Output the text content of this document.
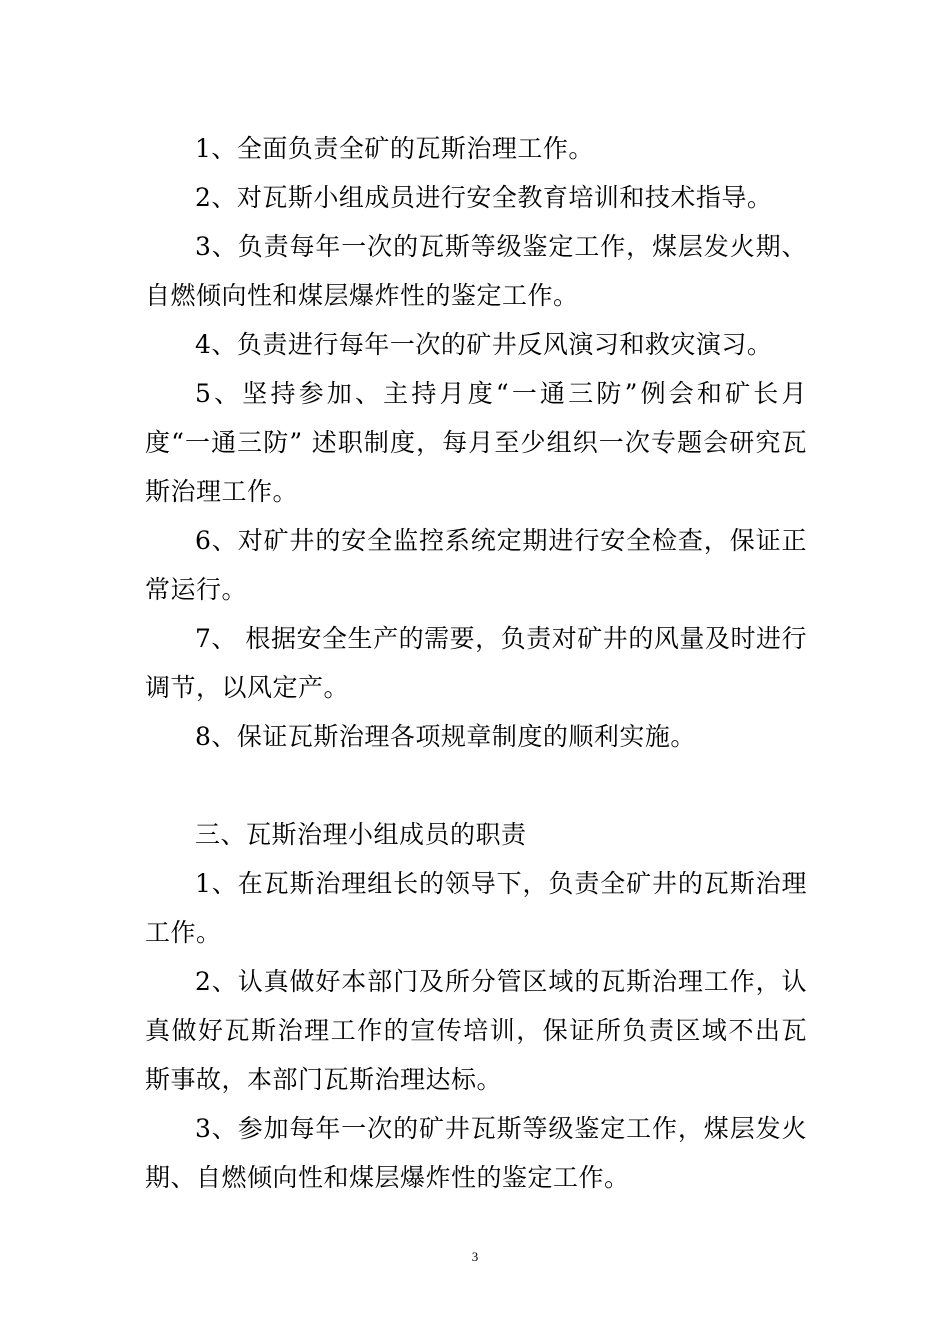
1、全面负责全矿的瓦斯治理工作。

2、对瓦斯小组成员进行安全教育培训和技术指导。

3、负责每年一次的瓦斯等级鉴定工作，煤层发火期、自燃倾向性和煤层爆炸性的鉴定工作。

4、负责进行每年一次的矿井反风演习和救灾演习。

5、坚持参加、主持月度“一通三防”例会和矿长月度“一通三防” 述职制度，每月至少组织一次专题会研究瓦斯治理工作。

6、对矿井的安全监控系统定期进行安全检查，保证正常运行。

7、 根据安全生产的需要，负责对矿井的风量及时进行调节，以风定产。

8、保证瓦斯治理各项规章制度的顺利实施。

三、瓦斯治理小组成员的职责

1、在瓦斯治理组长的领导下，负责全矿井的瓦斯治理工作。

2、认真做好本部门及所分管区域的瓦斯治理工作，认真做好瓦斯治理工作的宣传培训，保证所负责区域不出瓦斯事故，本部门瓦斯治理达标。

3、参加每年一次的矿井瓦斯等级鉴定工作，煤层发火期、自燃倾向性和煤层爆炸性的鉴定工作。

3
